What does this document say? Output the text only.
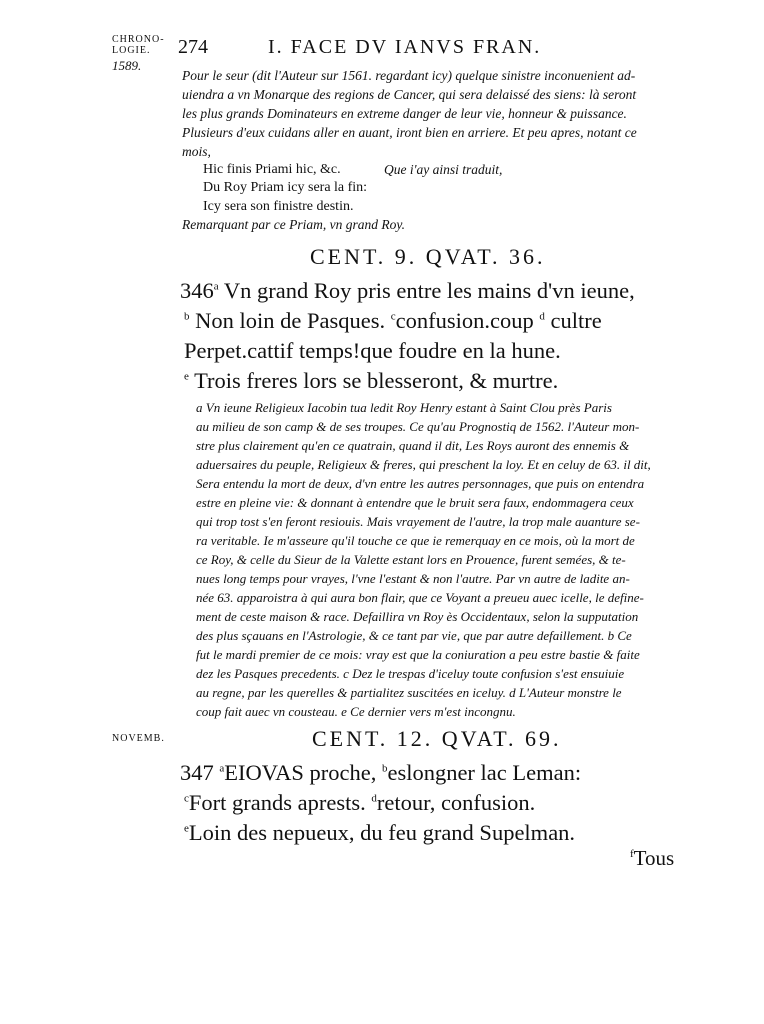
CHRONO-
LOGIE.
1589.
274	I. FACE DV IANVS FRAN.
Pour le seur (dit l'Auteur sur 1561. regardant icy) quelque sinistre inconuenient ad-
uiendra a vn Monarque des regions de Cancer, qui sera delaissé des siens: là seront
les plus grands Dominateurs en extreme danger de leur vie, honneur & puissance.
Plusieurs d'eux cuidans aller en auant, iront bien en arriere. Et peu apres, notant ce
mois,
Hic finis Priami hic, &c.	Que i'ay ainsi traduit,
Du Roy Priam icy sera la fin:
Icy sera son finistre destin.
Remarquant par ce Priam, vn grand Roy.
CENT. 9. QVAT. 36.
346$^a$ Vn grand Roy pris entre les mains d'vn ieune,
$^b$ Non loin de Pasques. $^c$confusion.coup $^d$ cultre
Perpet.cattif temps!que foudre en la hune.
$^e$ Trois freres lors se blesseront, & murtre.
a Vn ieune Religieux Iacobin tua ledit Roy Henry estant à Saint Clou près Paris
au milieu de son camp & de ses troupes. Ce qu'au Prognostiq de 1562. l'Auteur mon-
stre plus clairement qu'en ce quatrain, quand il dit, Les Roys auront des ennemis &
aduersaires du peuple, Religieux & freres, qui preschent la loy. Et en celuy de 63. il dit,
Sera entendu la mort de deux, d'vn entre les autres personnages, que puis on entendra
estre en pleine vie: & donnant à entendre que le bruit sera faux, endommagera ceux
qui trop tost s'en feront resiouis. Mais vrayement de l'autre, la trop male auanture se-
ra veritable. Ie m'asseure qu'il touche ce que ie remerquay en ce mois, où la mort de
ce Roy, & celle du Sieur de la Valette estant lors en Prouence, furent semées, & te-
nues long temps pour vrayes, l'vne l'estant & non l'autre. Par vn autre de ladite an-
née 63. apparoistra à qui aura bon flair, que ce Voyant a preueu auec icelle, le define-
ment de ceste maison & race. Defaillira vn Roy ès Occidentaux, selon la supputation
des plus sçauans en l'Astrologie, & ce tant par vie, que par autre defaillement. b Ce
fut le mardi premier de ce mois: vray est que la coniuration a peu estre bastie & faite
dez les Pasques precedents. c Dez le trespas d'iceluy toute confusion s'est ensuiuie
au regne, par les querelles & partialitez suscitées en iceluy. d L'Auteur monstre le
coup fait auec vn cousteau. e Ce dernier vers m'est incongnu.
NOVEMB.	CENT. 12. QVAT. 69.
347 $^a$EIOVAS proche, $^b$eslongner lac Leman:
$^c$Fort grands aprests. $^d$retour, confusion.
$^e$Loin des nepueux, du feu grand Supelman.
$^f$Tous
